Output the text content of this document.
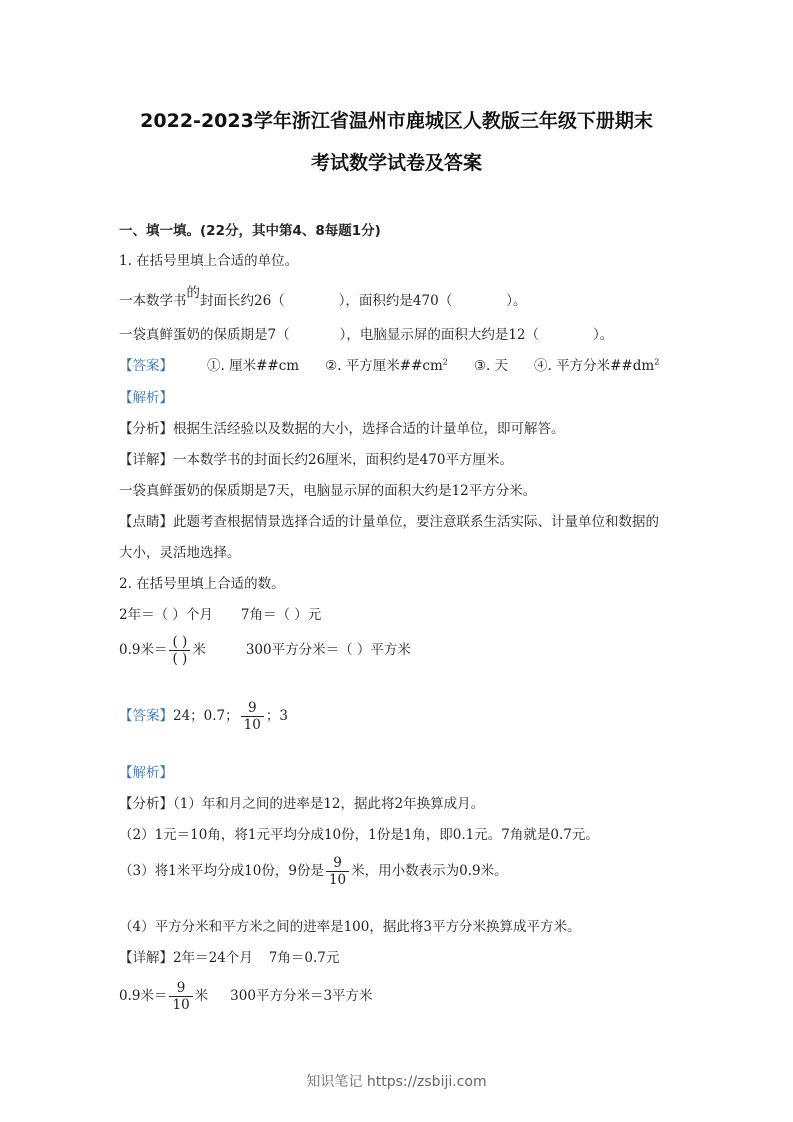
2022-2023学年浙江省温州市鹿城区人教版三年级下册期末
考试数学试卷及答案
一、填一填。(22分，其中第4、8每题1分)
1. 在括号里填上合适的单位。
一本数学书的封面长约26（	），面积约是470（	）。
一袋真鲜蛋奶的保质期是7（	），电脑显示屏的面积大约是12（	）。
【答案】	①. 厘米##cm ②. 平方厘米$\#\#cm^2$ ③. 天 ④. 平方分米$\#\#dm^2$
【解析】
【分析】根据生活经验以及数据的大小，选择合适的计量单位，即可解答。
【详解】一本数学书的封面长约26厘米，面积约是470平方厘米。
一袋真鲜蛋奶的保质期是7天，电脑显示屏的面积大约是12平方分米。
【点睛】此题考查根据情景选择合适的计量单位，要注意联系生活实际、计量单位和数据的
大小，灵活地选择。
2. 在括号里填上合适的数。
2年＝（ ）个月 7角＝（ ）元
0.9米＝ $\frac{( )}{( )}$ 米	300平方分米＝（ ）平方米
【答案】24；0.7； $\frac{9}{10}$ ；3
【解析】
【分析】（1）年和月之间的进率是12，据此将2年换算成月。
（2）1元＝10角，将1元平均分成10份，1份是1角，即0.1元。7角就是0.7元。
（3）将1米平均分成10份，9份是 $\frac{9}{10}$ 米，用小数表示为0.9米。
（4）平方分米和平方米之间的进率是100，据此将3平方分米换算成平方米。
【详解】2年＝24个月 7角＝0.7元
0.9米＝ $\frac{9}{10}$ 米 300平方分米＝3平方米
知识笔记 https://zsbiji.com
